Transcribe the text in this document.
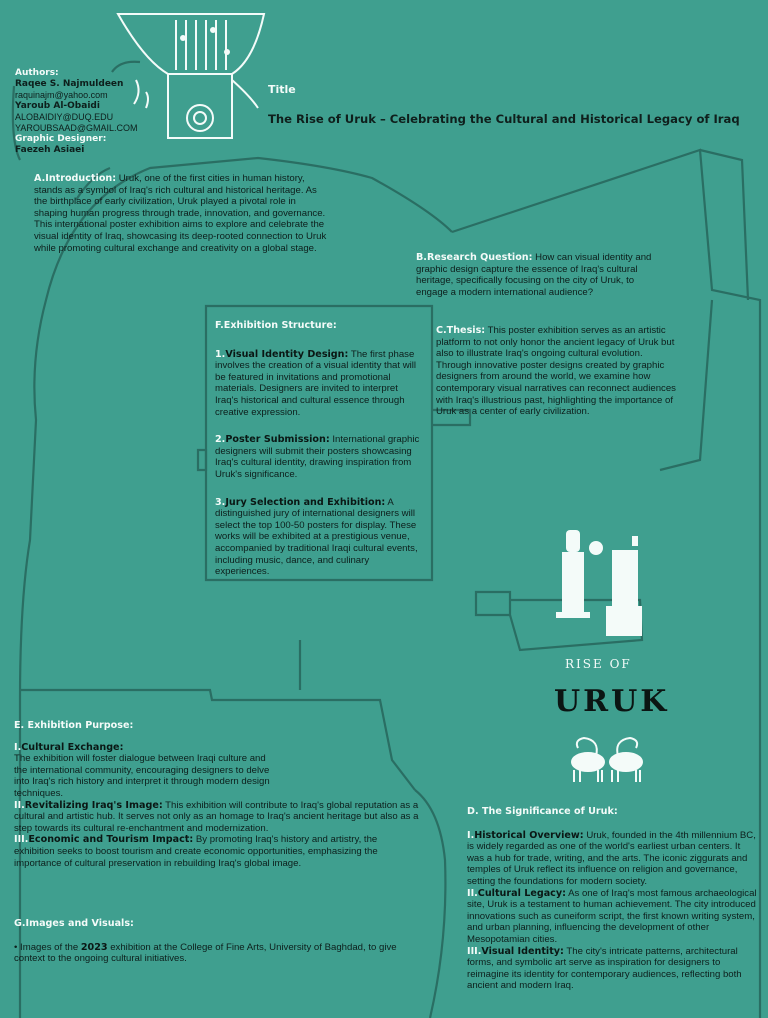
Authors:
Raqee S. Najmuldeen
raquinajm@yahoo.com
Yaroub Al-Obaidi
ALOBAIDIY@DUQ.EDU
YAROUBSAAD@GMAIL.COM
Graphic Designer:
Faezeh Asiaei
Title
The Rise of Uruk – Celebrating the Cultural and Historical Legacy of Iraq

A.Introduction: Uruk, one of the first cities in human history, stands as a symbol of Iraq's rich cultural and historical heritage. As the birthplace of early civilization, Uruk played a pivotal role in shaping human progress through trade, innovation, and governance. This international poster exhibition aims to explore and celebrate the visual identity of Iraq, showcasing its deep-rooted connection to Uruk while promoting cultural exchange and creativity on a global stage.

B.Research Question: How can visual identity and graphic design capture the essence of Iraq's cultural heritage, specifically focusing on the city of Uruk, to engage a modern international audience?

C.Thesis: This poster exhibition serves as an artistic platform to not only honor the ancient legacy of Uruk but also to illustrate Iraq's ongoing cultural evolution. Through innovative poster designs created by graphic designers from around the world, we examine how contemporary visual narratives can reconnect audiences with Iraq's illustrious past, highlighting the importance of Uruk as a center of early civilization.

F.Exhibition Structure:

1.Visual Identity Design: The first phase involves the creation of a visual identity that will be featured in invitations and promotional materials. Designers are invited to interpret Iraq's historical and cultural essence through creative expression.

2.Poster Submission: International graphic designers will submit their posters showcasing Iraq's cultural identity, drawing inspiration from Uruk's significance.

3.Jury Selection and Exhibition: A distinguished jury of international designers will select the top 100-50 posters for display. These works will be exhibited at a prestigious venue, accompanied by traditional Iraqi cultural events, including music, dance, and culinary experiences.

RISE OF
URUK

E. Exhibition Purpose:

I.Cultural Exchange:
The exhibition will foster dialogue between Iraqi culture and the international community, encouraging designers to delve into Iraq's rich history and interpret it through modern design techniques.

II.Revitalizing Iraq's Image: This exhibition will contribute to Iraq's global reputation as a cultural and artistic hub. It serves not only as an homage to Iraq's ancient heritage but also as a step towards its cultural re-enchantment and modernization.

III.Economic and Tourism Impact: By promoting Iraq's history and artistry, the exhibition seeks to boost tourism and create economic opportunities, emphasizing the importance of cultural preservation in rebuilding Iraq's global image.

G.Images and Visuals:

• Images of the 2023 exhibition at the College of Fine Arts, University of Baghdad, to give context to the ongoing cultural initiatives.

D. The Significance of Uruk:

I.Historical Overview: Uruk, founded in the 4th millennium BC, is widely regarded as one of the world's earliest urban centers. It was a hub for trade, writing, and the arts. The iconic ziggurats and temples of Uruk reflect its influence on religion and governance, setting the foundations for modern society.

II.Cultural Legacy: As one of Iraq's most famous archaeological site, Uruk is a testament to human achievement. The city introduced innovations such as cuneiform script, the first known writing system, and urban planning, influencing the development of other Mesopotamian cities.

III.Visual Identity: The city's intricate patterns, architectural forms, and symbolic art serve as inspiration for designers to reimagine its identity for contemporary audiences, reflecting both ancient and modern Iraq.
